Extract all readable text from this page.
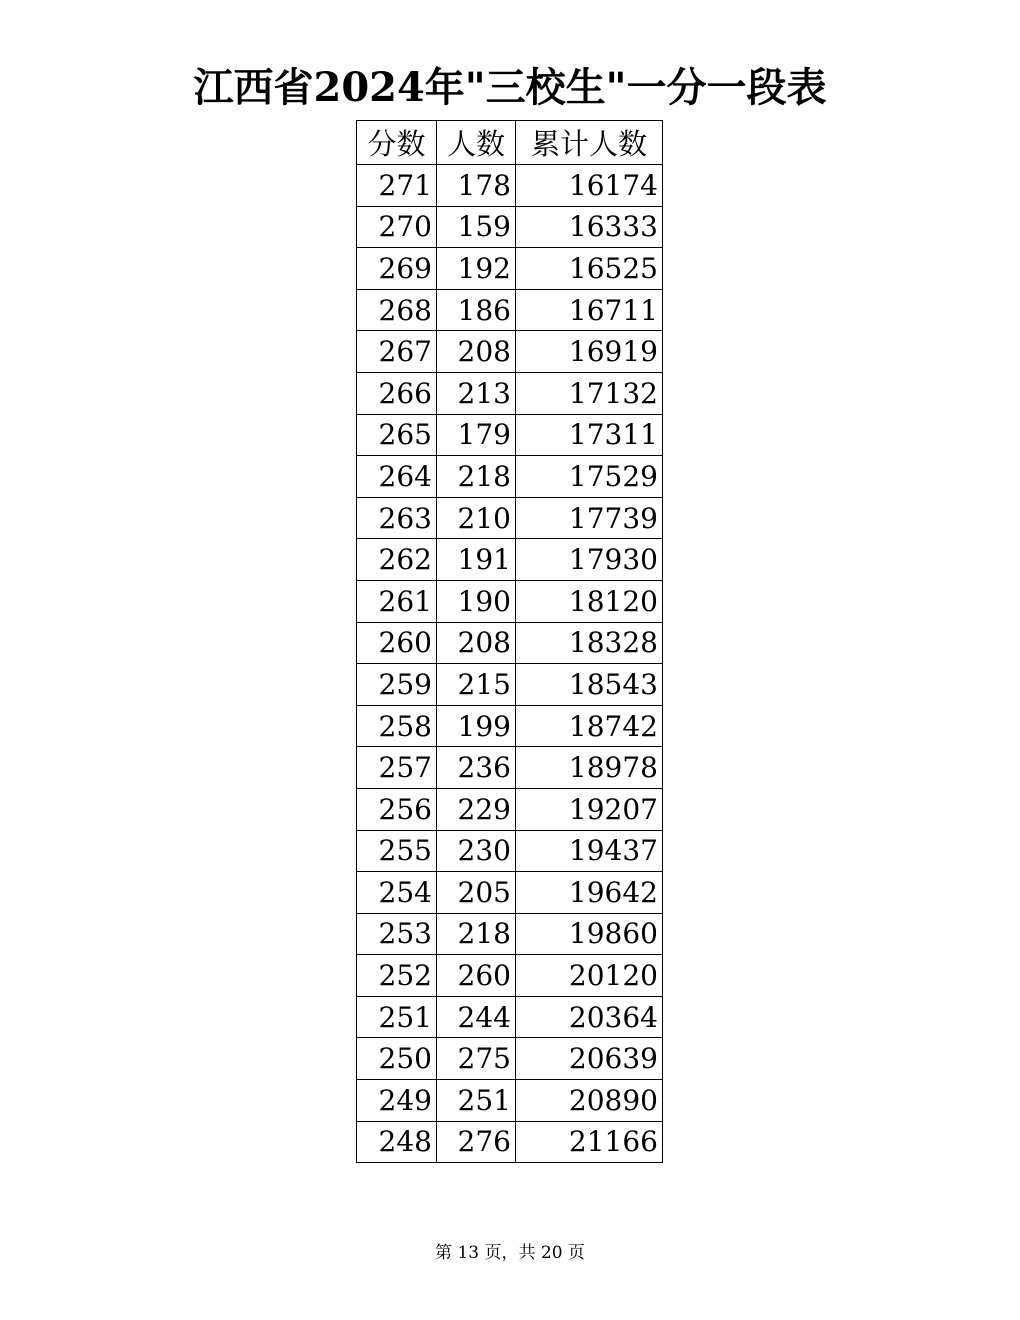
江西省2024年"三校生"一分一段表
分数	人数	累计人数
271	178	16174
270	159	16333
269	192	16525
268	186	16711
267	208	16919
266	213	17132
265	179	17311
264	218	17529
263	210	17739
262	191	17930
261	190	18120
260	208	18328
259	215	18543
258	199	18742
257	236	18978
256	229	19207
255	230	19437
254	205	19642
253	218	19860
252	260	20120
251	244	20364
250	275	20639
249	251	20890
248	276	21166
第 13 页，共 20 页
